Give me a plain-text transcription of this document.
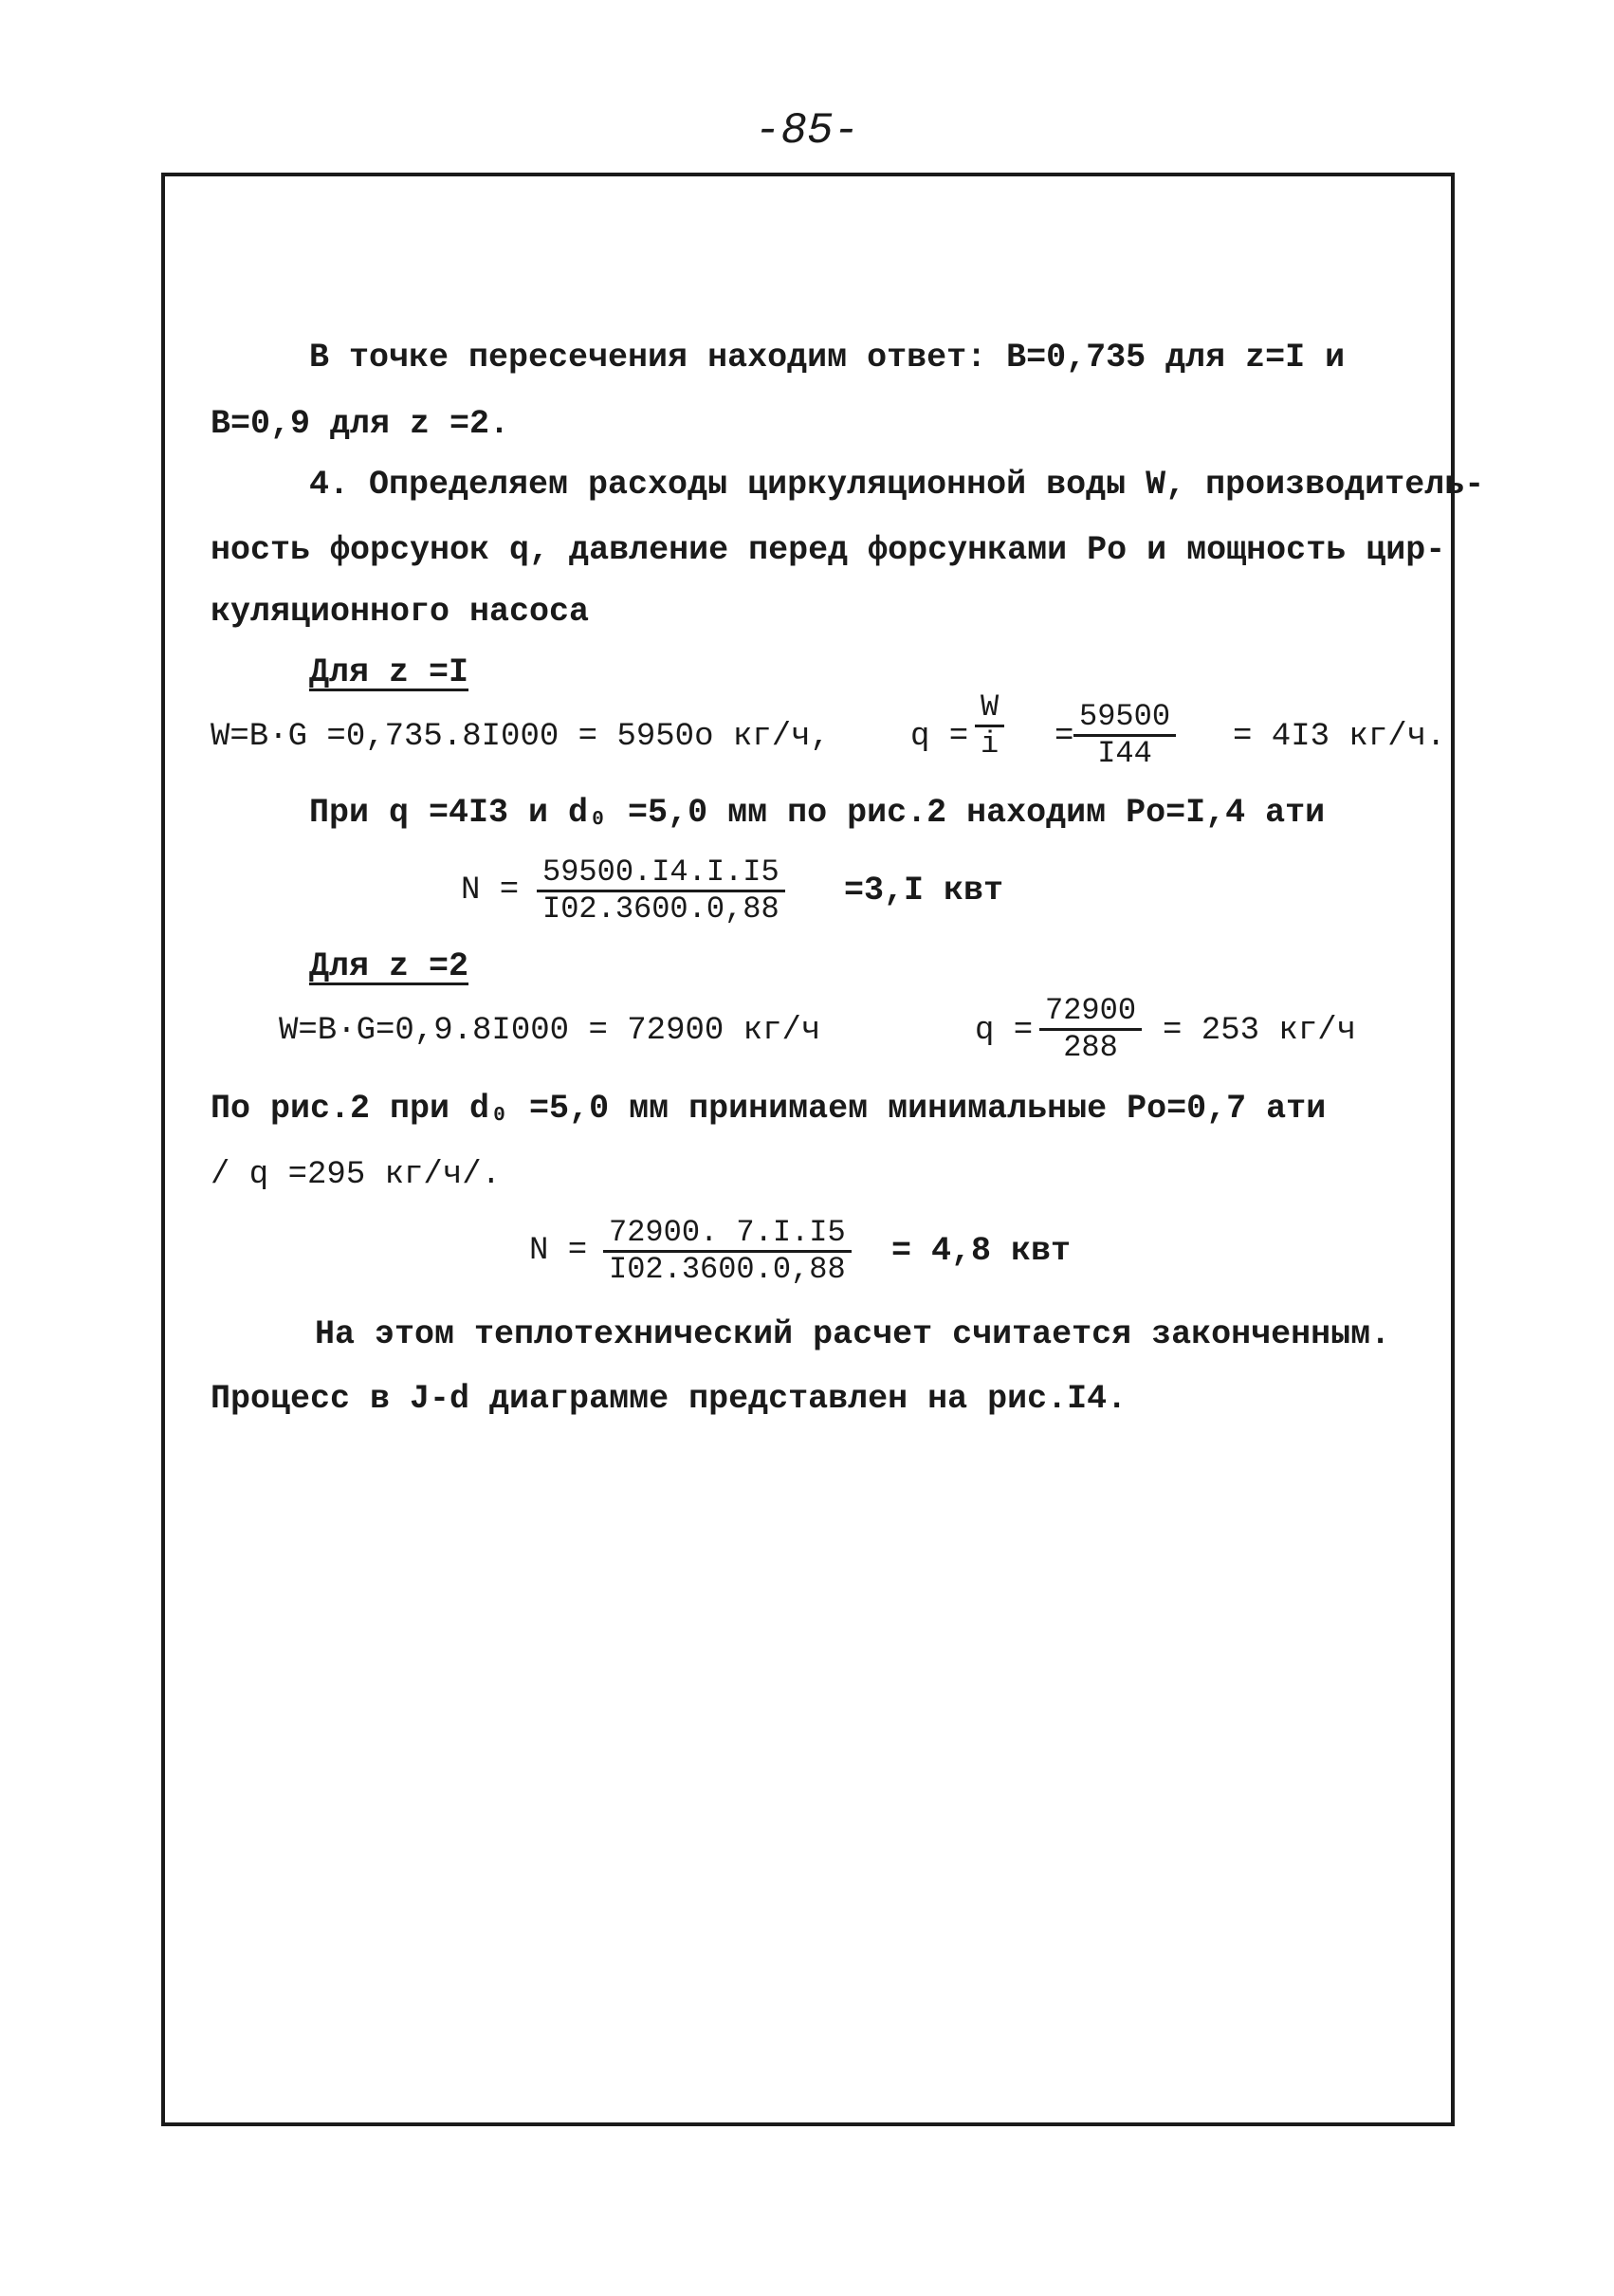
-85-
В точке пересечения находим ответ: В=0,735 для z=I и
В=0,9 для z =2.
4. Определяем расходы циркуляционной воды W, производитель-
ность форсунок q, давление перед форсунками Ро и мощность цир-
куляционного насоса
Для z =I
W=B·G =0,735.8I000 = 5950o кг/ч,	$q = \frac{W}{i} = \frac{59500}{I44} = 4I3$ кг/ч.
При q =4I3 и d₀ =5,0 мм по рис.2 находим Ро=I,4 ати
$N = \frac{59500.I4.I.I5}{I02.3600.0,88} =3,I$ квт
Для z =2
W=B·G=0,9.8I000 = 72900 кг/ч	$q = \frac{72900}{288} = 253$ кг/ч
По рис.2 при d₀ =5,0 мм принимаем минимальные Ро=0,7 ати
/ q =295 кг/ч/.
$N = \frac{72900. 7.I.I5}{I02.3600.0,88} = 4,8$ квт
На этом теплотехнический расчет считается законченным.
Процесс в J-d диаграмме представлен на рис.I4.
